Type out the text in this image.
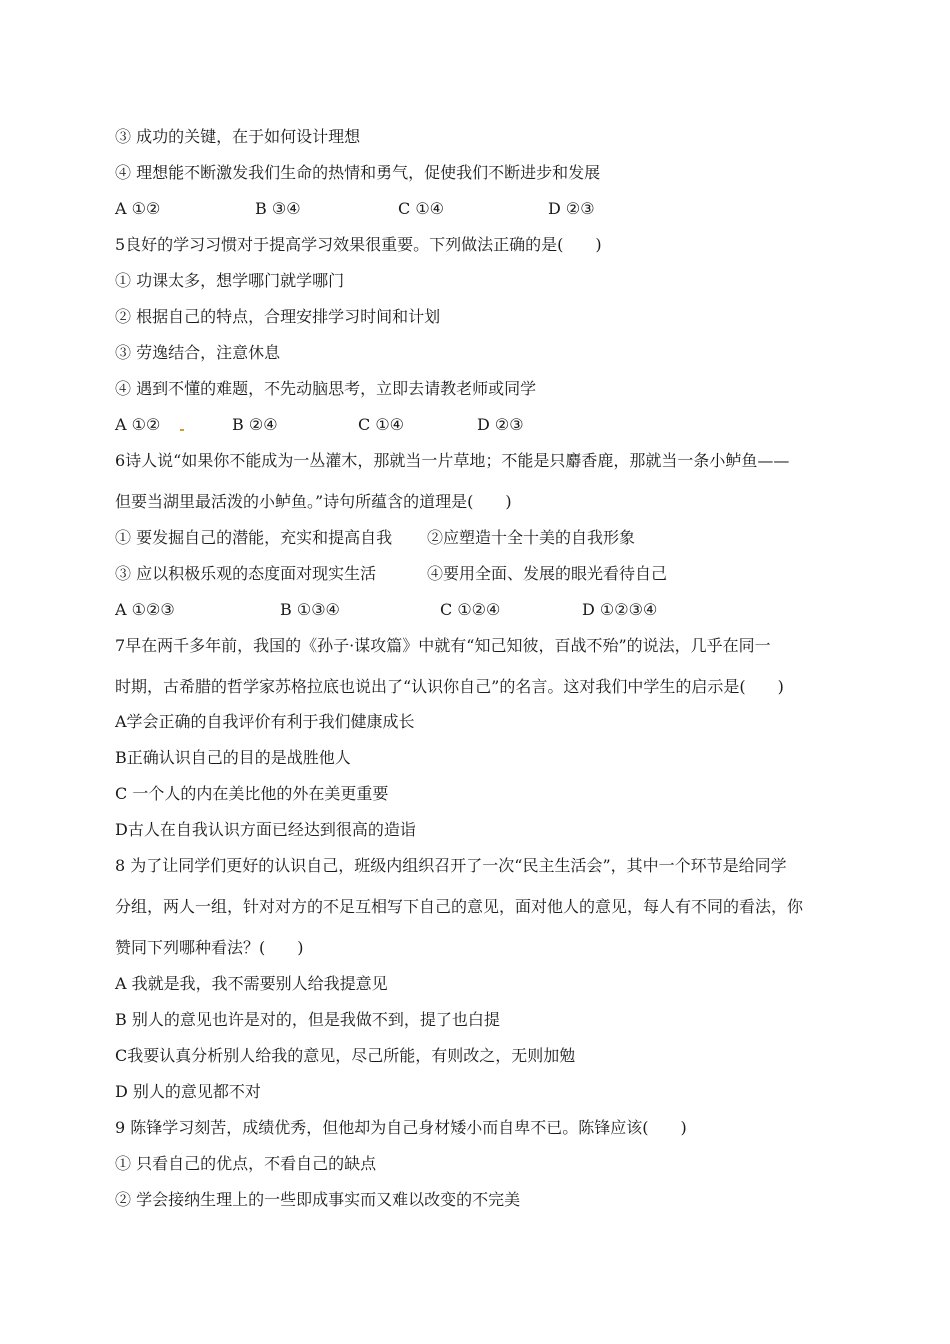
③ 成功的关键，在于如何设计理想
④ 理想能不断激发我们生命的热情和勇气，促使我们不断进步和发展
A ①②	B ③④	C ①④	D ②③
5良好的学习习惯对于提高学习效果很重要。下列做法正确的是(　　)
① 功课太多，想学哪门就学哪门
② 根据自己的特点，合理安排学习时间和计划
③ 劳逸结合，注意休息
④ 遇到不懂的难题，不先动脑思考，立即去请教老师或同学
A ①②	B ②④	C ①④	D ②③
6诗人说“如果你不能成为一丛灌木，那就当一片草地；不能是只麝香鹿，那就当一条小鲈鱼——
但要当湖里最活泼的小鲈鱼。”诗句所蕴含的道理是(　　)
① 要发掘自己的潜能，充实和提高自我 ②应塑造十全十美的自我形象
③ 应以积极乐观的态度面对现实生活	④要用全面、发展的眼光看待自己
A ①②③	B ①③④	C ①②④	D ①②③④
7早在两千多年前，我国的《孙子·谋攻篇》中就有“知己知彼，百战不殆”的说法，几乎在同一
时期，古希腊的哲学家苏格拉底也说出了“认识你自己”的名言。这对我们中学生的启示是(　　)
A学会正确的自我评价有利于我们健康成长
B正确认识自己的目的是战胜他人
C 一个人的内在美比他的外在美更重要
D古人在自我认识方面已经达到很高的造诣
8 为了让同学们更好的认识自己，班级内组织召开了一次“民主生活会”，其中一个环节是给同学
分组，两人一组，针对对方的不足互相写下自己的意见，面对他人的意见，每人有不同的看法，你
赞同下列哪种看法？(　　)
A 我就是我，我不需要别人给我提意见
B 别人的意见也许是对的，但是我做不到，提了也白提
C我要认真分析别人给我的意见，尽己所能，有则改之，无则加勉
D 别人的意见都不对
9 陈锋学习刻苦，成绩优秀，但他却为自己身材矮小而自卑不已。陈锋应该(　　)
① 只看自己的优点，不看自己的缺点
② 学会接纳生理上的一些即成事实而又难以改变的不完美
